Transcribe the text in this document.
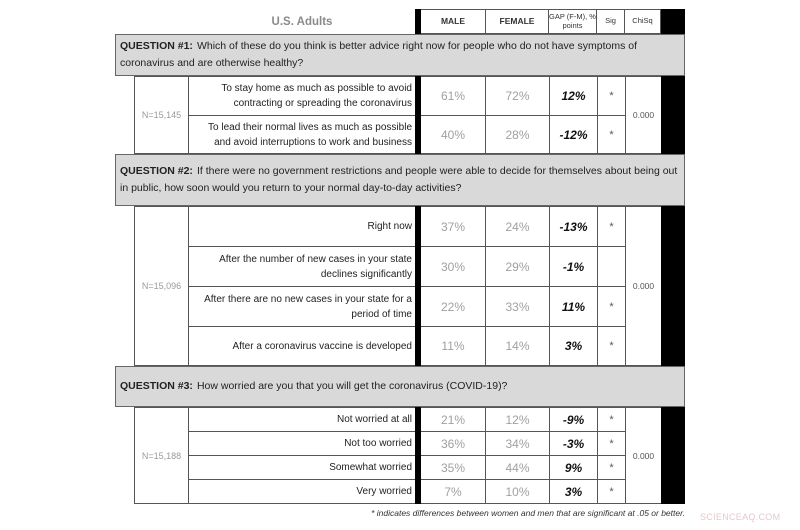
U.S. Adults	MALE	FEMALE	GAP (F-M), % points	Sig	ChiSq
QUESTION #1: Which of these do you think is better advice right now for people who do not have symptoms of coronavirus and are otherwise healthy?
N=15,145
To stay home as much as possible to avoid contracting or spreading the coronavirus
61%	72%	12%	*
To lead their normal lives as much as possible and avoid interruptions to work and business
40%	28%	-12%	*
0.000
QUESTION #2: If there were no government restrictions and people were able to decide for themselves about being out in public, how soon would you return to your normal day-to-day activities?
N=15,096
Right now	37%	24%	-13%	*
After the number of new cases in your state declines significantly
30%	29%	-1%
After there are no new cases in your state for a period of time
22%	33%	11%	*
After a coronavirus vaccine is developed	11%	14%	3%	*
0.000
QUESTION #3: How worried are you that you will get the coronavirus (COVID-19)?
N=15,188
Not worried at all	21%	12%	-9%	*
Not too worried	36%	34%	-3%	*
Somewhat worried	35%	44%	9%	*
Very worried	7%	10%	3%	*
0.000
* indicates differences between women and men that are significant at .05 or better. SCIENCEAQ.COM
